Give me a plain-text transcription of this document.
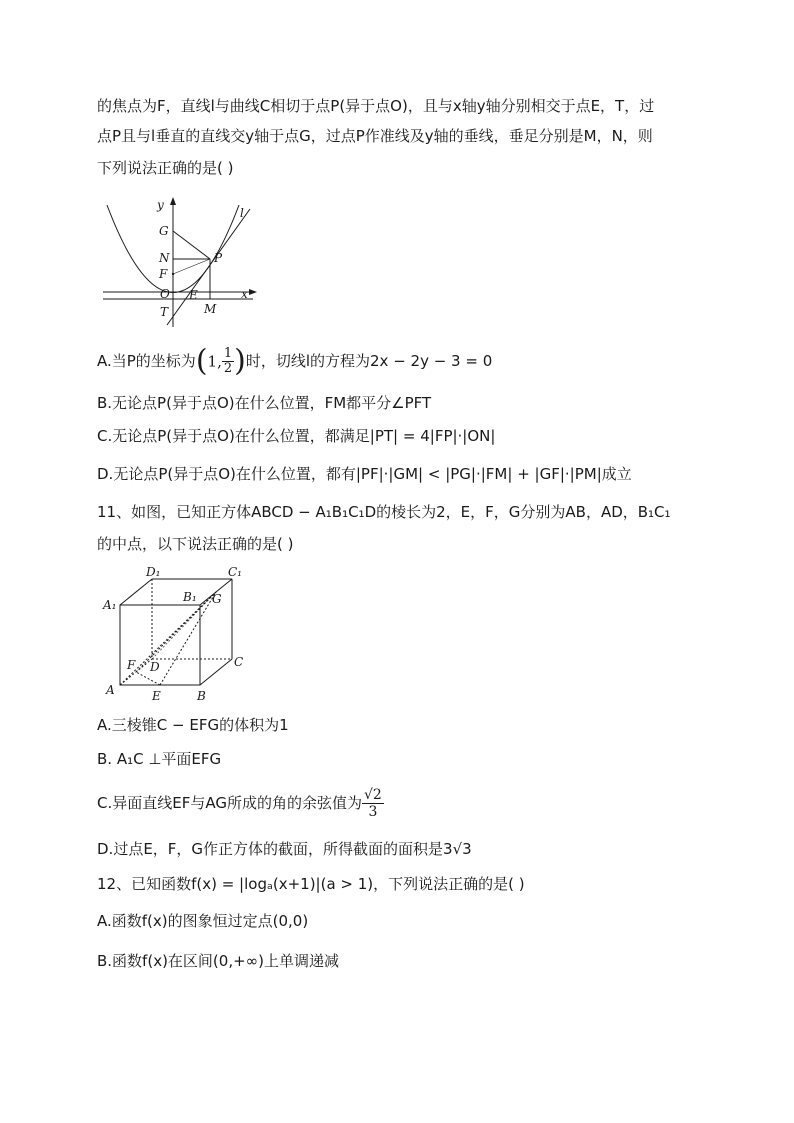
的焦点为F，直线l与曲线C相切于点P(异于点O)，且与x轴y轴分别相交于点E，T，过
点P且与l垂直的直线交y轴于点G，过点P作准线及y轴的垂线，垂足分别是M，N，则
下列说法正确的是( )
y
x
G
N
F
O
T
E
M
P
l
A.当P的坐标为(1, $\frac{1}{2}$ )时，切线l的方程为2x − 2y − 3 = 0
B.无论点P(异于点O)在什么位置，FM都平分∠PFT
C.无论点P(异于点O)在什么位置，都满足|PT| = 4|FP|·|ON|
D.无论点P(异于点O)在什么位置，都有|PF|·|GM| < |PG|·|FM| + |GF|·|PM|成立
11、如图，已知正方体ABCD − A₁B₁C₁D的棱长为2，E，F，G分别为AB，AD，B₁C₁
的中点，以下说法正确的是( )
D₁	C₁
A₁
B₁ G
C
F D
A	E	B
A.三棱锥C − EFG的体积为1
B. A₁C ⊥平面EFG
C.异面直线EF与AG所成的角的余弦值为 $\frac{√2}{3}$
D.过点E，F，G作正方体的截面，所得截面的面积是3√3
12、已知函数f(x) = |logₐ(x+1)|(a > 1)，下列说法正确的是( )
A.函数f(x)的图象恒过定点(0,0)
B.函数f(x)在区间(0,+∞)上单调递减
